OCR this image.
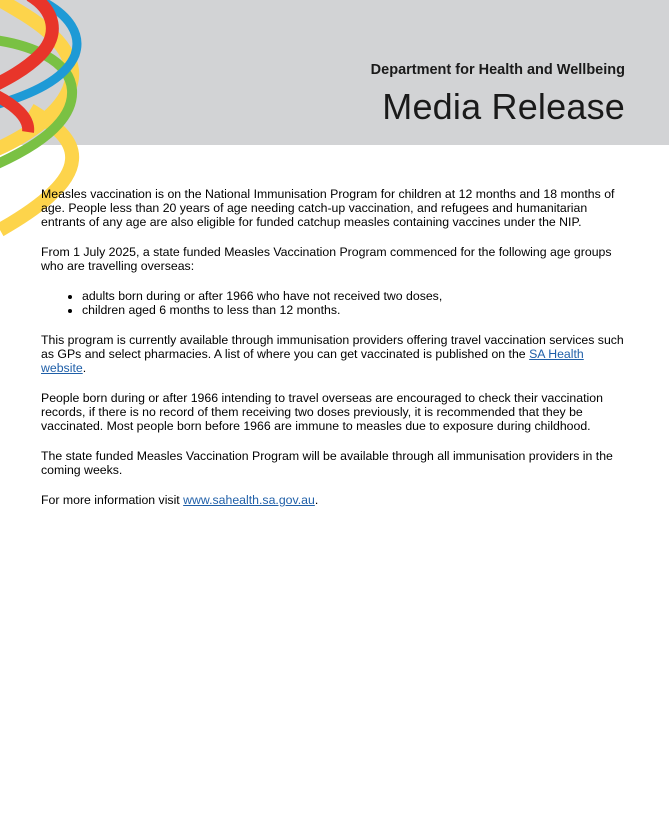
Department for Health and Wellbeing
Media Release

Measles vaccination is on the National Immunisation Program for children at 12 months and 18 months of age. People less than 20 years of age needing catch-up vaccination, and refugees and humanitarian entrants of any age are also eligible for funded catchup measles containing vaccines under the NIP.

From 1 July 2025, a state funded Measles Vaccination Program commenced for the following age groups who are travelling overseas:

• adults born during or after 1966 who have not received two doses,
• children aged 6 months to less than 12 months.

This program is currently available through immunisation providers offering travel vaccination services such as GPs and select pharmacies. A list of where you can get vaccinated is published on the SA Health website.

People born during or after 1966 intending to travel overseas are encouraged to check their vaccination records, if there is no record of them receiving two doses previously, it is recommended that they be vaccinated. Most people born before 1966 are immune to measles due to exposure during childhood.

The state funded Measles Vaccination Program will be available through all immunisation providers in the coming weeks.

For more information visit www.sahealth.sa.gov.au.
